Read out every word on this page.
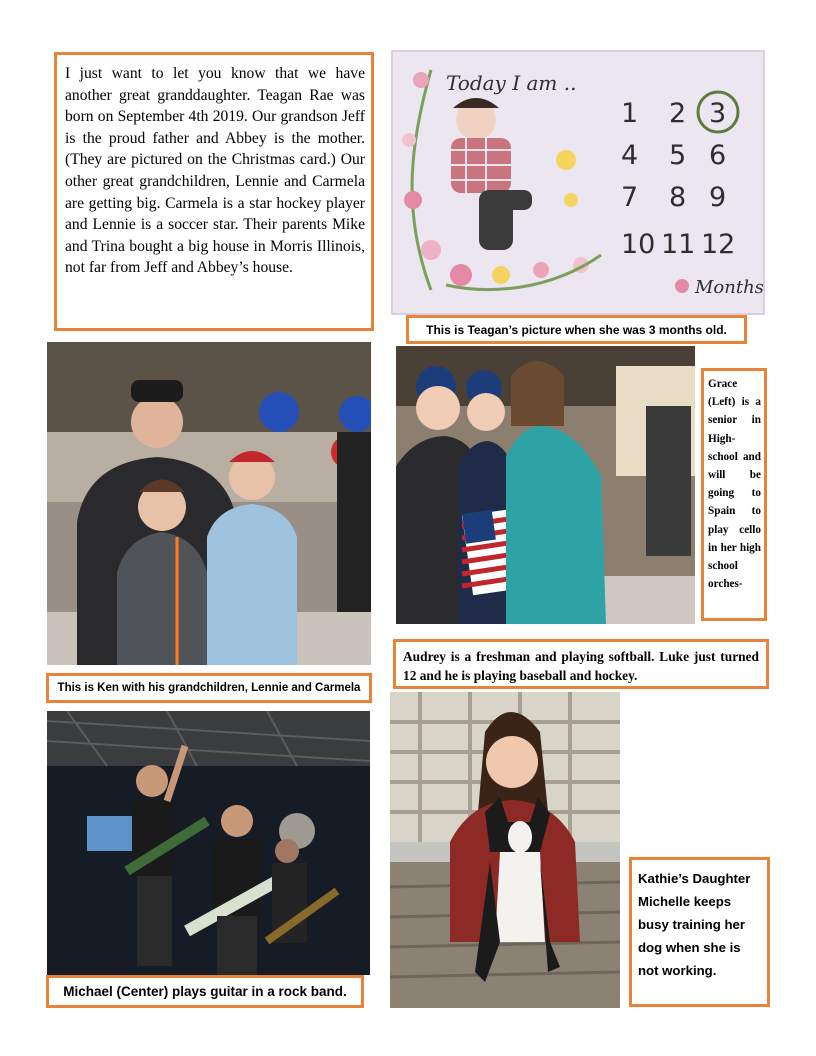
I just want to let you know that we have another great granddaughter. Teagan Rae was born on September 4th 2019. Our grandson Jeff is the proud father and Abbey is the mother. (They are pictured on the Christmas card.) Our other great grandchildren, Lennie and Carmela are getting big. Carmela is a star hockey player and Lennie is a soccer star. Their parents Mike and Trina bought a big house in Morris Illinois, not far from Jeff and Abbey’s house.

Today I am ..
1 2 3
4 5 6
7 8 9
10 11 12
Months
This is Teagan’s picture when she was 3 months old.
This is Ken with his grandchildren, Lennie and Carmela
Grace (Left) is a senior in High-school and will be going to Spain to play cello in her high school orches-
Audrey is a freshman and playing softball. Luke just turned 12 and he is playing baseball and hockey.
Michael (Center) plays guitar in a rock band.
Kathie’s Daughter Michelle keeps busy training her dog when she is not working.
